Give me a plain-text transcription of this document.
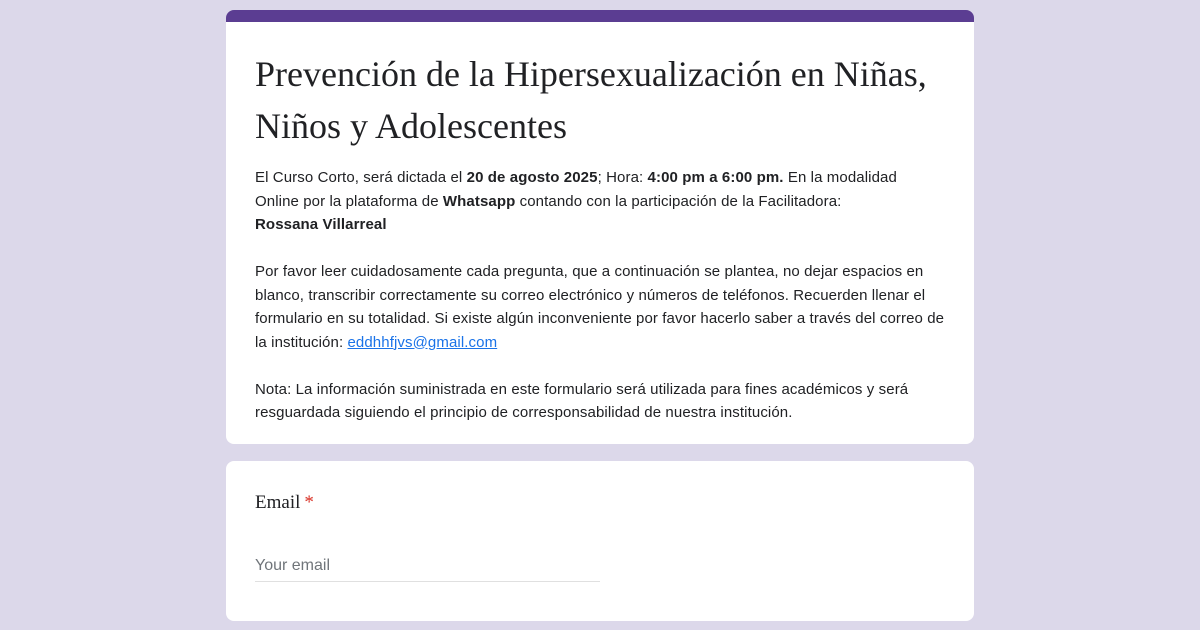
Prevención de la Hipersexualización en Niñas, Niños y Adolescentes

El Curso Corto, será dictada el 20 de agosto 2025; Hora: 4:00 pm a 6:00 pm. En la modalidad Online por la plataforma de Whatsapp contando con la participación de la Facilitadora:
Rossana Villarreal

Por favor leer cuidadosamente cada pregunta, que a continuación se plantea, no dejar espacios en blanco, transcribir correctamente su correo electrónico y números de teléfonos. Recuerden llenar el formulario en su totalidad. Si existe algún inconveniente por favor hacerlo saber a través del correo de la institución: eddhhfjvs@gmail.com

Nota: La información suministrada en este formulario será utilizada para fines académicos y será resguardada siguiendo el principio de corresponsabilidad de nuestra institución.

Email *
Your email
